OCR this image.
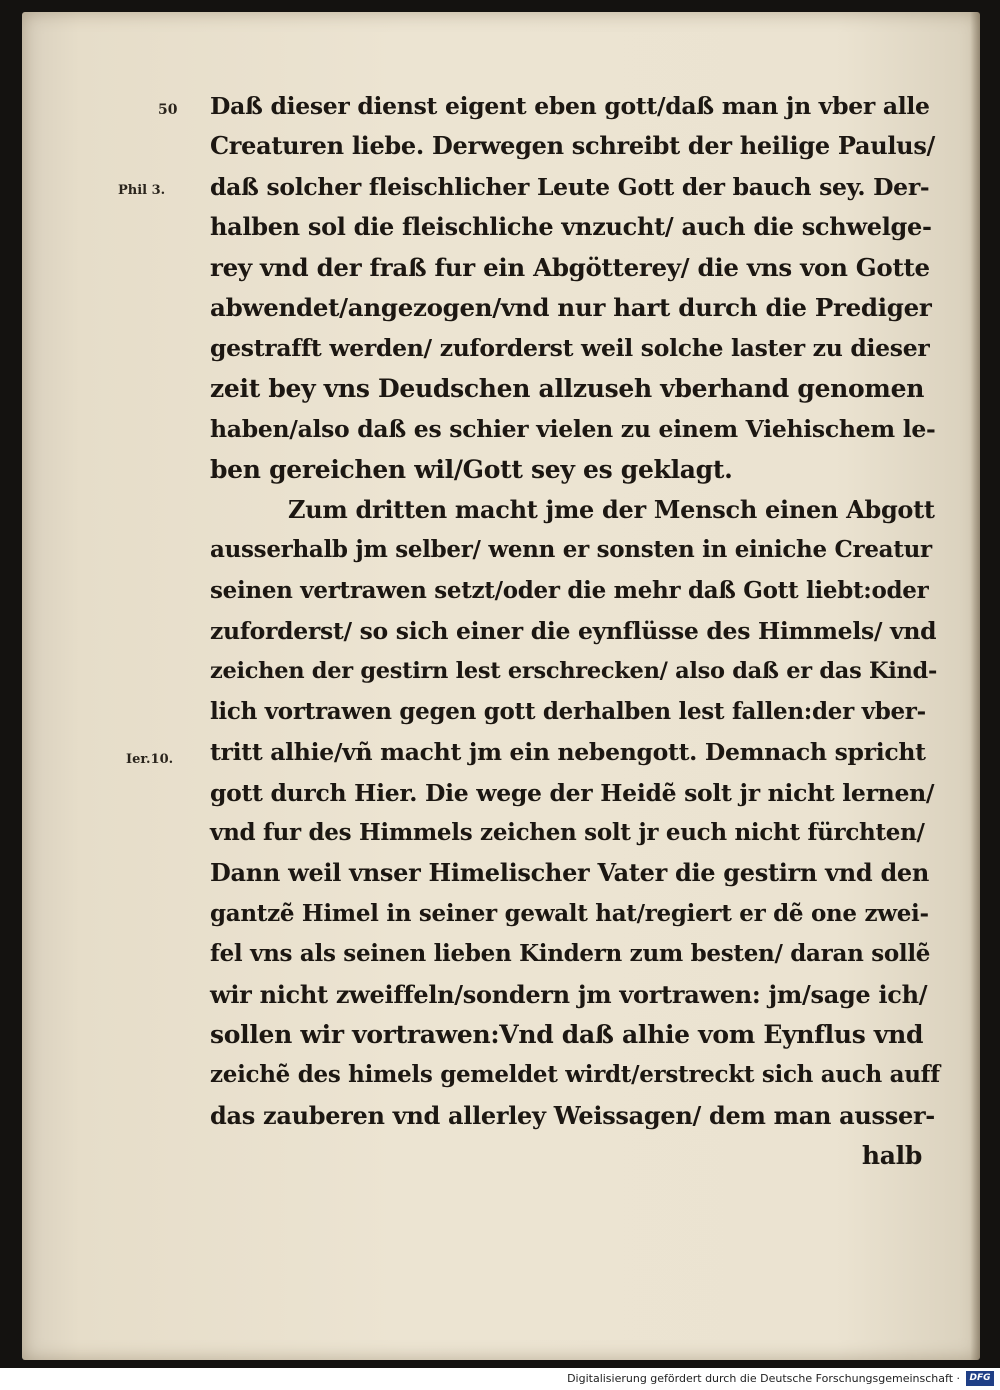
50
Phil 3.
Ier.10.
Daß dieser dienst eigent eben gott/daß man jn vber alle
Creaturen liebe. Derwegen schreibt der heilige Paulus/
daß solcher fleischlicher Leute Gott der bauch sey. Der-
halben sol die fleischliche vnzucht/ auch die schwelge-
rey vnd der fraß fur ein Abgötterey/ die vns von Gotte
abwendet/angezogen/vnd nur hart durch die Prediger
gestrafft werden/ zuforderst weil solche laster zu dieser
zeit bey vns Deudschen allzuseh vberhand genomen
haben/also daß es schier vielen zu einem Viehischem le-
ben gereichen wil/Gott sey es geklagt.
Zum dritten macht jme der Mensch einen Abgott
ausserhalb jm selber/ wenn er sonsten in einiche Creatur
seinen vertrawen setzt/oder die mehr daß Gott liebt:oder
zuforderst/ so sich einer die eynflüsse des Himmels/ vnd
zeichen der gestirn lest erschrecken/ also daß er das Kind-
lich vortrawen gegen gott derhalben lest fallen:der vber-
tritt alhie/vñ macht jm ein nebengott. Demnach spricht
gott durch Hier. Die wege der Heidẽ solt jr nicht lernen/
vnd fur des Himmels zeichen solt jr euch nicht fürchten/
Dann weil vnser Himelischer Vater die gestirn vnd den
gantzẽ Himel in seiner gewalt hat/regiert er dẽ one zwei-
fel vns als seinen lieben Kindern zum besten/ daran sollẽ
wir nicht zweiffeln/sondern jm vortrawen: jm/sage ich/
sollen wir vortrawen:Vnd daß alhie vom Eynflus vnd
zeichẽ des himels gemeldet wirdt/erstreckt sich auch auff
das zauberen vnd allerley Weissagen/ dem man ausser-
halb
Digitalisierung gefördert durch die Deutsche Forschungsgemeinschaft ·	DFG
